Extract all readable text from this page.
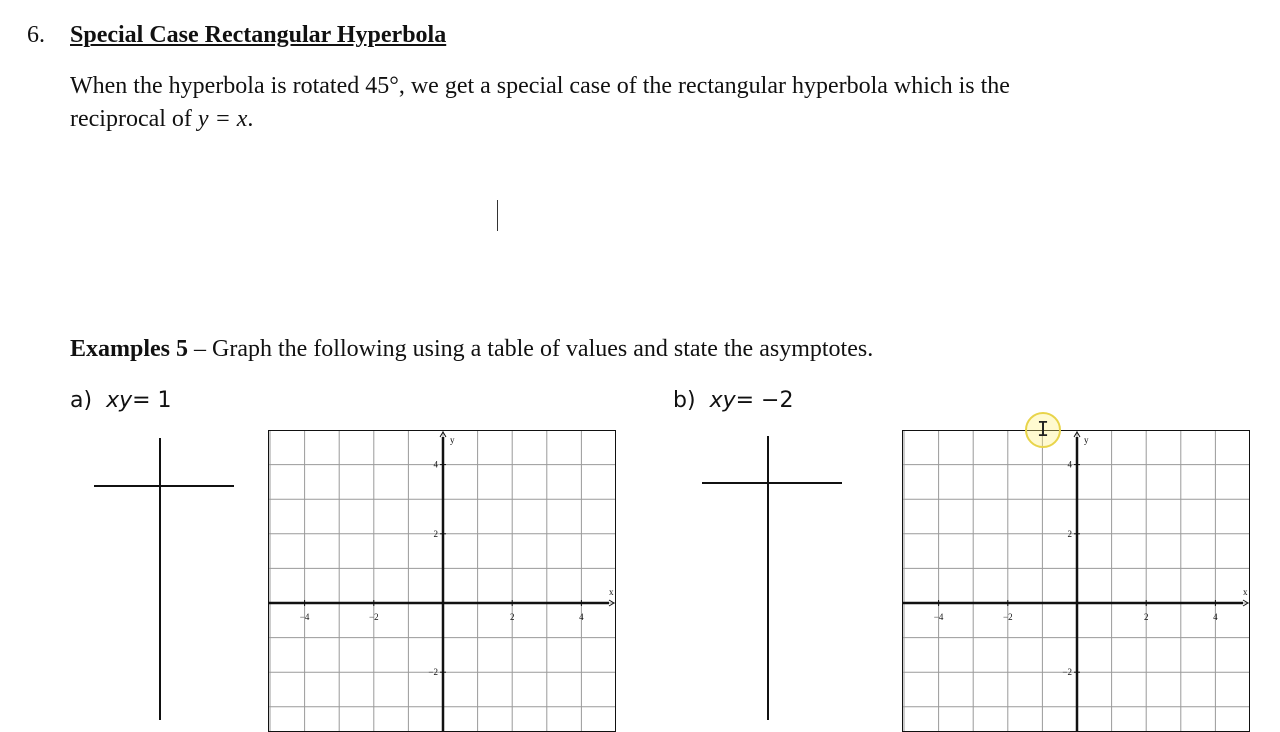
6. Special Case Rectangular Hyperbola
When the hyperbola is rotated 45°, we get a special case of the rectangular hyperbola which is the
reciprocal of y = x.
Examples 5 – Graph the following using a table of values and state the asymptotes.
a) xy= 1
x
y
−4	−2	2	4
4
2
−2
b) xy= −2
x
y
−4	−2	2	4
4
2
−2
I
